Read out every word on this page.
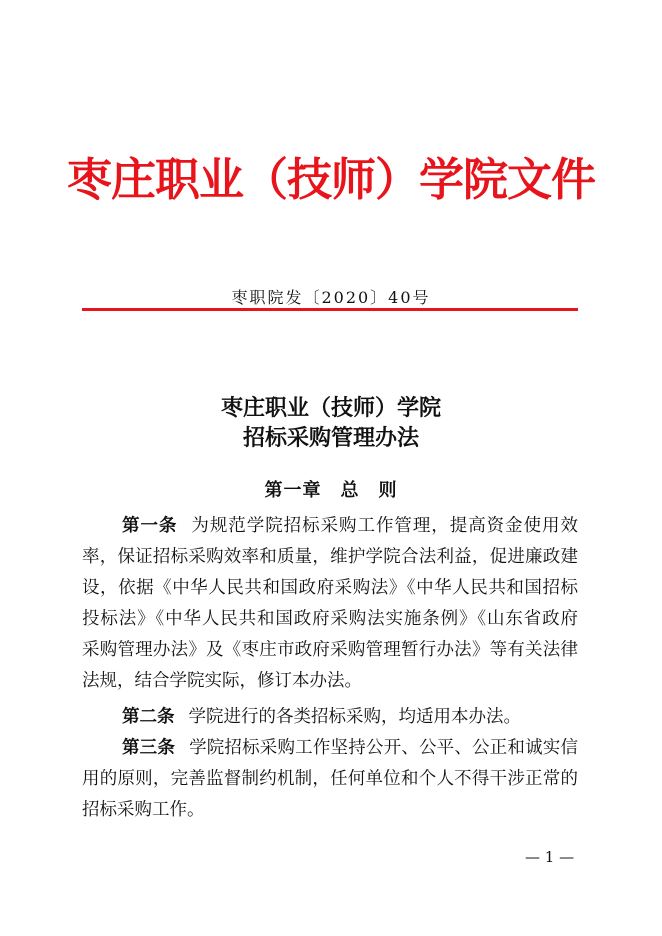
枣庄职业（技师）学院文件
枣职院发〔2020〕40号
枣庄职业（技师）学院
招标采购管理办法
第一章　总　则
第一条 为规范学院招标采购工作管理，提高资金使用效
率，保证招标采购效率和质量，维护学院合法利益，促进廉政建
设，依据《中华人民共和国政府采购法》《中华人民共和国招标
投标法》《中华人民共和国政府采购法实施条例》《山东省政府
采购管理办法》及《枣庄市政府采购管理暂行办法》等有关法律
法规，结合学院实际，修订本办法。
第二条 学院进行的各类招标采购，均适用本办法。
第三条 学院招标采购工作坚持公开、公平、公正和诚实信
用的原则，完善监督制约机制，任何单位和个人不得干涉正常的
招标采购工作。
— 1 —
